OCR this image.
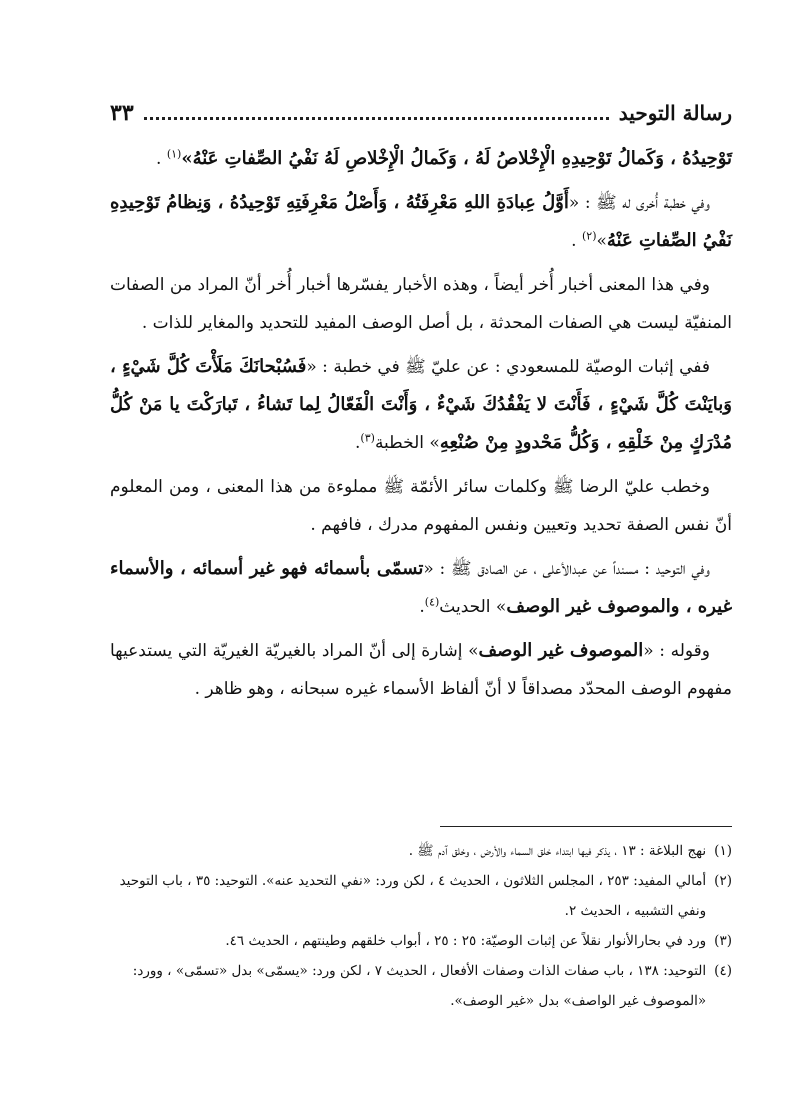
رسالة التوحيد
٣٣

تَوْحِيدُهُ ، وَكَمالُ تَوْحِيدِهِ الْإِخْلاصُ لَهُ ، وَكَمالُ الْإِخْلاصِ لَهُ نَفْيُ الصِّفاتِ عَنْهُ»$^{(١)}$ .

وفي خطبة أُخرى له ﷺ : «أَوَّلُ عِبادَةِ اللهِ مَعْرِفَتُهُ ، وَأَصْلُ مَعْرِفَتِهِ تَوْحِيدُهُ ، وَنِظامُ تَوْحِيدِهِ نَفْيُ الصِّفاتِ عَنْهُ»$^{(٢)}$ .

وفي هذا المعنى أخبار أُخر أيضاً ، وهذه الأخبار يفسّرها أخبار أُخر أنّ المراد من الصفات المنفيّة ليست هي الصفات المحدثة ، بل أصل الوصف المفيد للتحديد والمغاير للذات .

ففي إثبات الوصيّة للمسعودي : عن عليّ ﷺ في خطبة : «فَسُبْحانَكَ مَلَأْتَ كُلَّ شَيْءٍ ، وَبايَنْتَ كُلَّ شَيْءٍ ، فَأَنْتَ لا يَفْقُدُكَ شَيْءٌ ، وَأَنْتَ الْفَعّالُ لِما تَشاءُ ، تَبارَكْتَ يا مَنْ كُلُّ مُدْرَكٍ مِنْ خَلْقِهِ ، وَكُلُّ مَحْدودٍ مِنْ صُنْعِهِ» الخطبة$^{(٣)}$.

وخطب عليّ الرضا ﷺ وكلمات سائر الأئمّة ﷺ مملوءة من هذا المعنى ، ومن المعلوم أنّ نفس الصفة تحديد وتعيين ونفس المفهوم مدرك ، فافهم .

وفي التوحيد : مسنداً عن عبدالأعلى ، عن الصادق ﷺ : «تسمّى بأسمائه فهو غير أسمائه ، والأسماء غيره ، والموصوف غير الوصف» الحديث$^{(٤)}$.

وقوله : «الموصوف غير الوصف» إشارة إلى أنّ المراد بالغيريّة الغيريّة التي يستدعيها مفهوم الوصف المحدّد مصداقاً لا أنّ ألفاظ الأسماء غيره سبحانه ، وهو ظاهر .

(١)
نهج البلاغة : ١٣ ، يذكر فيها ابتداء خلق السماء والأرض ، وخلق آدم ﷺ .
(٢)
أمالي المفيد: ٢٥٣ ، المجلس الثلاثون ، الحديث ٤ ، لكن ورد: «نفي التحديد عنه». التوحيد: ٣٥ ، باب التوحيد ونفي التشبيه ، الحديث ٢.
(٣)
ورد في بحارالأنوار نقلاً عن إثبات الوصيّة: ٢٥ : ٢٥ ، أبواب خلقهم وطينتهم ، الحديث ٤٦.
(٤)
التوحيد: ١٣٨ ، باب صفات الذات وصفات الأفعال ، الحديث ٧ ، لكن ورد: «يسمّى» بدل «تسمّى» ، وورد: «الموصوف غير الواصف» بدل «غير الوصف».
